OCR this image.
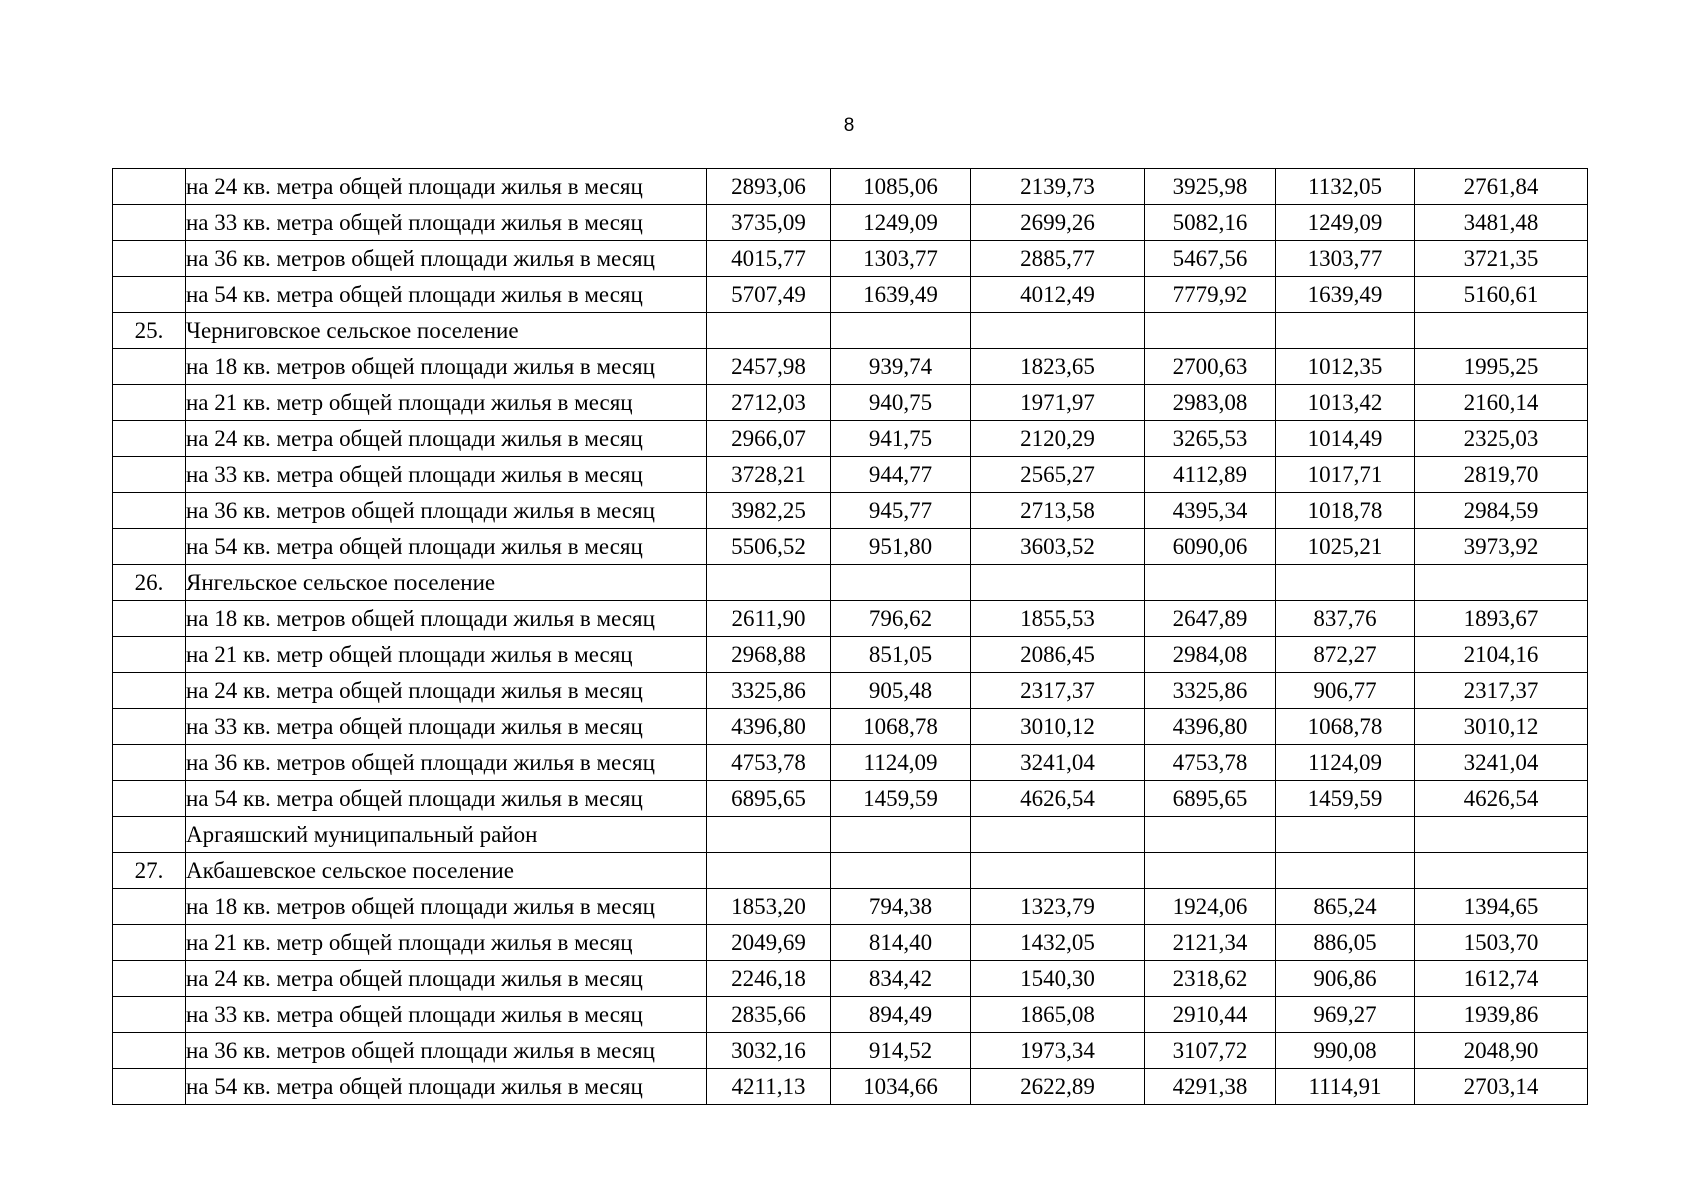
8
	на 24 кв. метра общей площади жилья в месяц	2893,06	1085,06	2139,73	3925,98	1132,05	2761,84
	на 33 кв. метра общей площади жилья в месяц	3735,09	1249,09	2699,26	5082,16	1249,09	3481,48
	на 36 кв. метров общей площади жилья в месяц	4015,77	1303,77	2885,77	5467,56	1303,77	3721,35
	на 54 кв. метра общей площади жилья в месяц	5707,49	1639,49	4012,49	7779,92	1639,49	5160,61
25.	Черниговское сельское поселение						
	на 18 кв. метров общей площади жилья в месяц	2457,98	939,74	1823,65	2700,63	1012,35	1995,25
	на 21 кв. метр общей площади жилья в месяц	2712,03	940,75	1971,97	2983,08	1013,42	2160,14
	на 24 кв. метра общей площади жилья в месяц	2966,07	941,75	2120,29	3265,53	1014,49	2325,03
	на 33 кв. метра общей площади жилья в месяц	3728,21	944,77	2565,27	4112,89	1017,71	2819,70
	на 36 кв. метров общей площади жилья в месяц	3982,25	945,77	2713,58	4395,34	1018,78	2984,59
	на 54 кв. метра общей площади жилья в месяц	5506,52	951,80	3603,52	6090,06	1025,21	3973,92
26.	Янгельское сельское поселение						
	на 18 кв. метров общей площади жилья в месяц	2611,90	796,62	1855,53	2647,89	837,76	1893,67
	на 21 кв. метр общей площади жилья в месяц	2968,88	851,05	2086,45	2984,08	872,27	2104,16
	на 24 кв. метра общей площади жилья в месяц	3325,86	905,48	2317,37	3325,86	906,77	2317,37
	на 33 кв. метра общей площади жилья в месяц	4396,80	1068,78	3010,12	4396,80	1068,78	3010,12
	на 36 кв. метров общей площади жилья в месяц	4753,78	1124,09	3241,04	4753,78	1124,09	3241,04
	на 54 кв. метра общей площади жилья в месяц	6895,65	1459,59	4626,54	6895,65	1459,59	4626,54
	Аргаяшский муниципальный район						
27.	Акбашевское сельское поселение						
	на 18 кв. метров общей площади жилья в месяц	1853,20	794,38	1323,79	1924,06	865,24	1394,65
	на 21 кв. метр общей площади жилья в месяц	2049,69	814,40	1432,05	2121,34	886,05	1503,70
	на 24 кв. метра общей площади жилья в месяц	2246,18	834,42	1540,30	2318,62	906,86	1612,74
	на 33 кв. метра общей площади жилья в месяц	2835,66	894,49	1865,08	2910,44	969,27	1939,86
	на 36 кв. метров общей площади жилья в месяц	3032,16	914,52	1973,34	3107,72	990,08	2048,90
	на 54 кв. метра общей площади жилья в месяц	4211,13	1034,66	2622,89	4291,38	1114,91	2703,14
